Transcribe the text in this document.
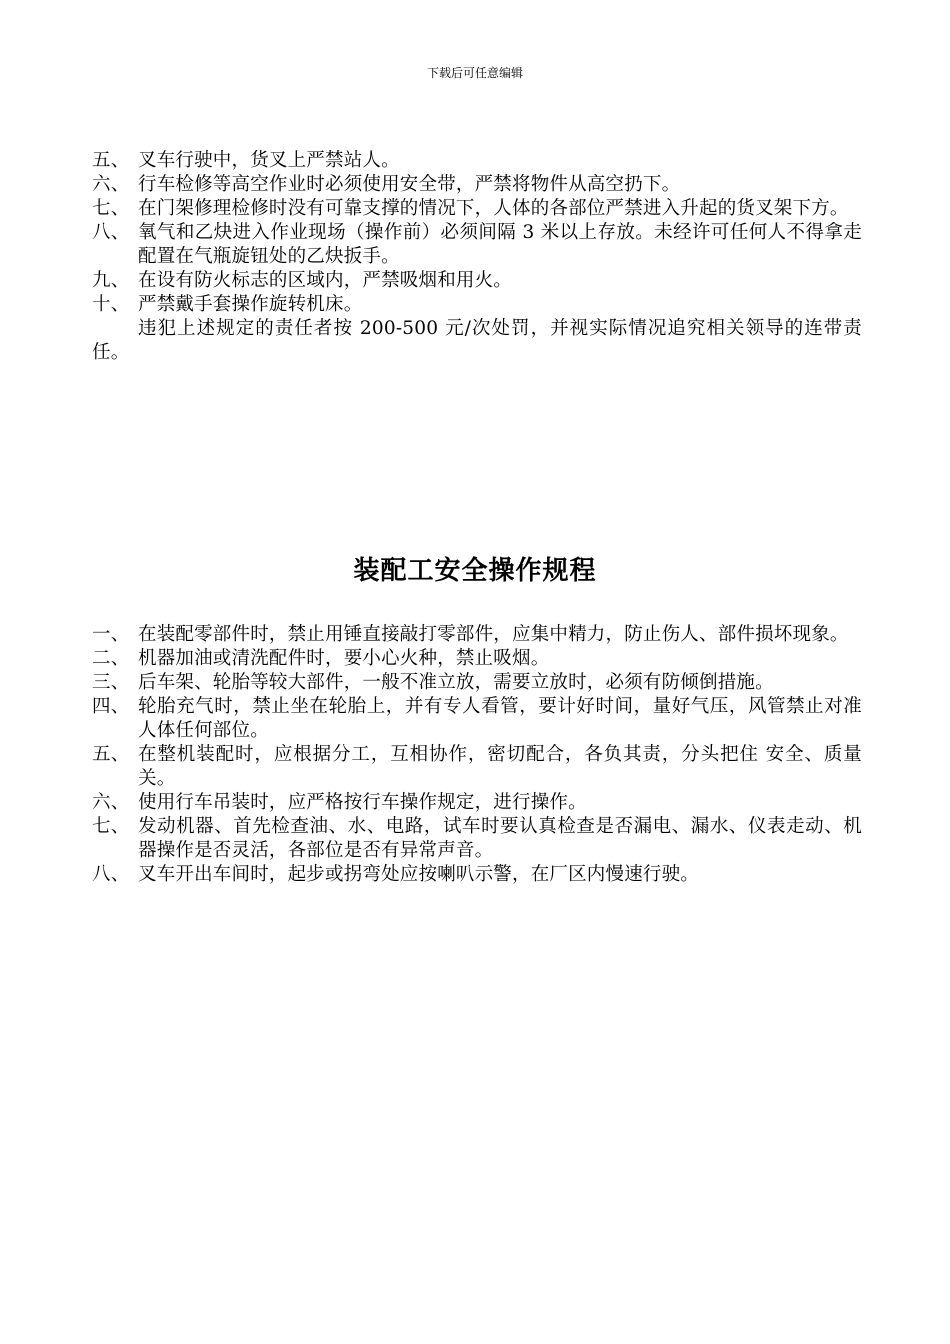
下载后可任意编辑
五、 叉车行驶中，货叉上严禁站人。
六、 行车检修等高空作业时必须使用安全带，严禁将物件从高空扔下。
七、 在门架修理检修时没有可靠支撑的情况下，人体的各部位严禁进入升起的货叉架下方。
八、 氧气和乙炔进入作业现场（操作前）必须间隔 3 米以上存放。未经许可任何人不得拿走配置在气瓶旋钮处的乙炔扳手。
九、 在设有防火标志的区域内，严禁吸烟和用火。
十、 严禁戴手套操作旋转机床。
违犯上述规定的责任者按 200-500 元/次处罚，并视实际情况追究相关领导的连带责任。
装配工安全操作规程
一、 在装配零部件时，禁止用锤直接敲打零部件，应集中精力，防止伤人、部件损坏现象。
二、 机器加油或清洗配件时，要小心火种，禁止吸烟。
三、 后车架、轮胎等较大部件，一般不准立放，需要立放时，必须有防倾倒措施。
四、 轮胎充气时，禁止坐在轮胎上，并有专人看管，要计好时间，量好气压，风管禁止对准人体任何部位。
五、 在整机装配时，应根据分工，互相协作，密切配合，各负其责，分头把住 安全、质量关。
六、 使用行车吊装时，应严格按行车操作规定，进行操作。
七、 发动机器、首先检查油、水、电路，试车时要认真检查是否漏电、漏水、仪表走动、机器操作是否灵活，各部位是否有异常声音。
八、 叉车开出车间时，起步或拐弯处应按喇叭示警，在厂区内慢速行驶。
